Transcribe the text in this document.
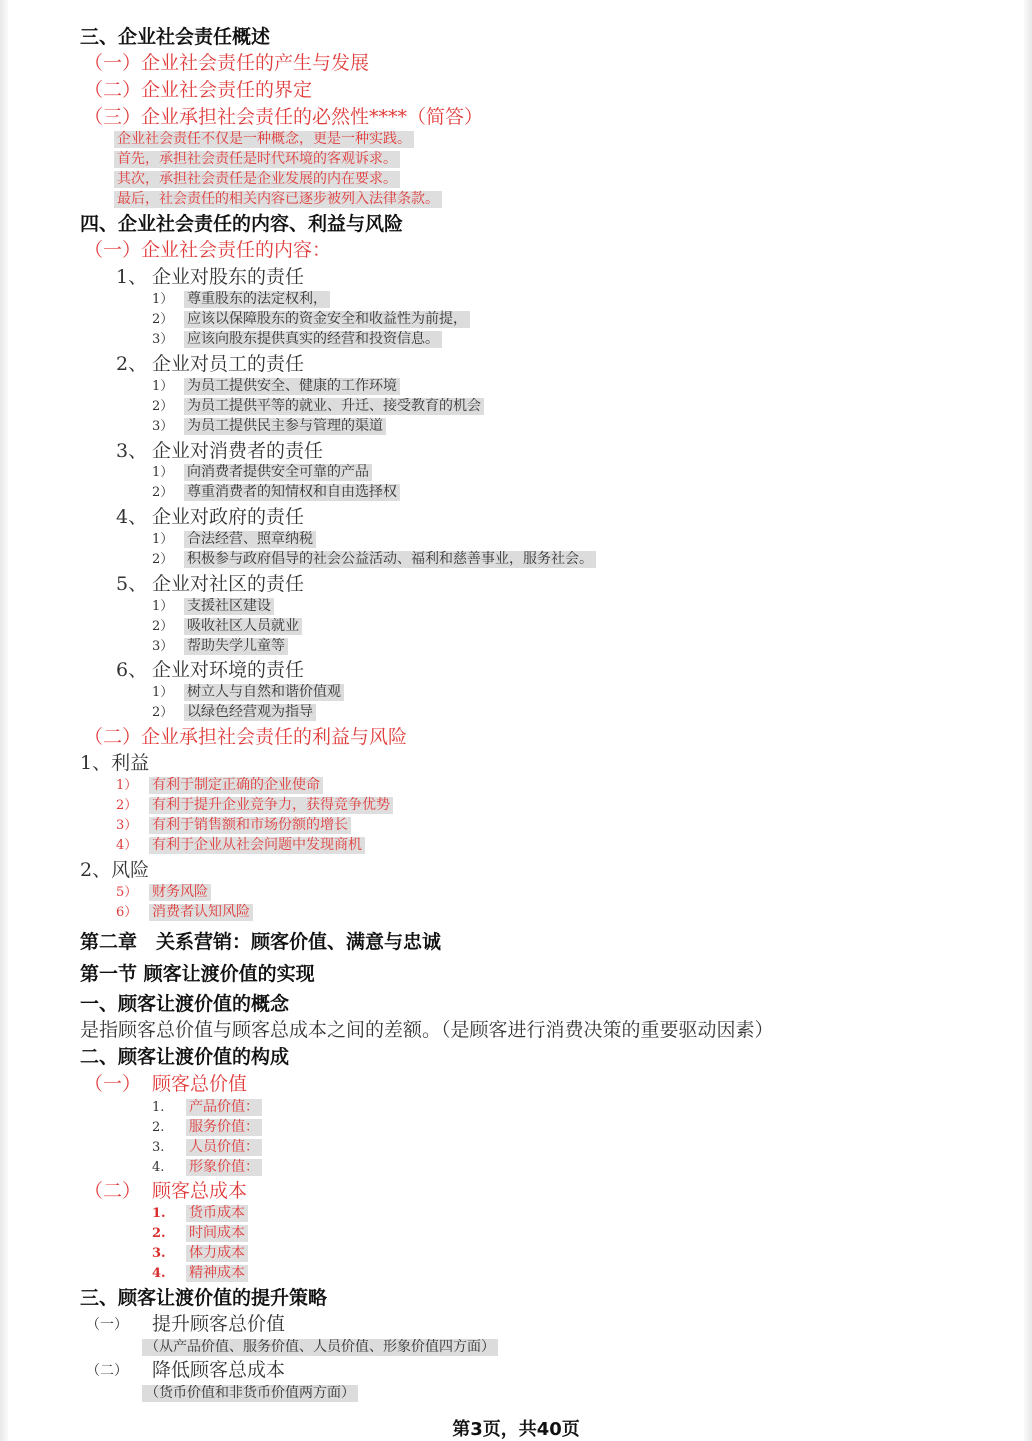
三、企业社会责任概述
（一）企业社会责任的产生与发展
（二）企业社会责任的界定
（三）企业承担社会责任的必然性****（简答）
企业社会责任不仅是一种概念，更是一种实践。
首先，承担社会责任是时代环境的客观诉求。
其次，承担社会责任是企业发展的内在要求。
最后，社会责任的相关内容已逐步被列入法律条款。
四、企业社会责任的内容、利益与风险
（一）企业社会责任的内容：
1、 企业对股东的责任
1） 尊重股东的法定权利，
2） 应该以保障股东的资金安全和收益性为前提，
3） 应该向股东提供真实的经营和投资信息。
2、 企业对员工的责任
1） 为员工提供安全、健康的工作环境
2） 为员工提供平等的就业、升迁、接受教育的机会
3） 为员工提供民主参与管理的渠道
3、 企业对消费者的责任
1） 向消费者提供安全可靠的产品
2） 尊重消费者的知情权和自由选择权
4、 企业对政府的责任
1） 合法经营、照章纳税
2） 积极参与政府倡导的社会公益活动、福利和慈善事业，服务社会。
5、 企业对社区的责任
1） 支援社区建设
2） 吸收社区人员就业
3） 帮助失学儿童等
6、 企业对环境的责任
1） 树立人与自然和谐价值观
2） 以绿色经营观为指导
（二）企业承担社会责任的利益与风险
1、利益
1） 有利于制定正确的企业使命
2） 有利于提升企业竞争力，获得竞争优势
3） 有利于销售额和市场份额的增长
4） 有利于企业从社会问题中发现商机
2、风险
5） 财务风险
6） 消费者认知风险
第二章　关系营销：顾客价值、满意与忠诚
第一节 顾客让渡价值的实现
一、顾客让渡价值的概念
是指顾客总价值与顾客总成本之间的差额。（是顾客进行消费决策的重要驱动因素）
二、顾客让渡价值的构成
（一） 顾客总价值
1. 产品价值：
2. 服务价值：
3. 人员价值：
4. 形象价值：
（二） 顾客总成本
1. 货币成本
2. 时间成本
3. 体力成本
4. 精神成本
三、顾客让渡价值的提升策略
（一） 提升顾客总价值
（从产品价值、服务价值、人员价值、形象价值四方面）
（二） 降低顾客总成本
（货币价值和非货币价值两方面）
第3页，共40页
